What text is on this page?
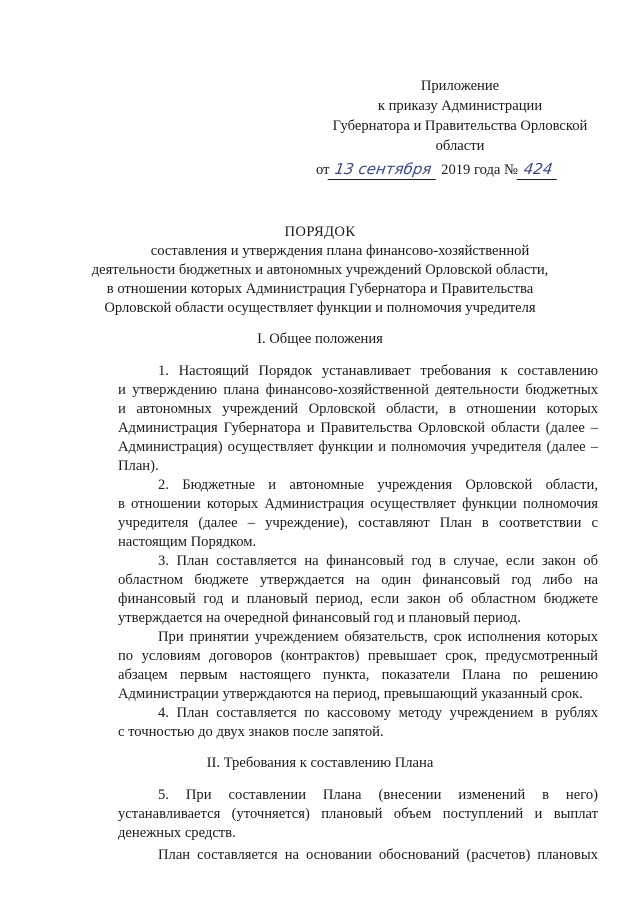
Приложение
к приказу Администрации
Губернатора и Правительства Орловской
области
от 13 сентября 2019 года № 424
ПОРЯДОК
составления и утверждения плана финансово-хозяйственной
деятельности бюджетных и автономных учреждений Орловской области,
в отношении которых Администрация Губернатора и Правительства
Орловской области осуществляет функции и полномочия учредителя
I. Общее положения
1. Настоящий Порядок устанавливает требования к составлению
и утверждению плана финансово-хозяйственной деятельности бюджетных
и автономных учреждений Орловской области, в отношении которых
Администрация Губернатора и Правительства Орловской области (далее –
Администрация) осуществляет функции и полномочия учредителя (далее –
План).
2. Бюджетные и автономные учреждения Орловской области,
в отношении которых Администрация осуществляет функции полномочия
учредителя (далее – учреждение), составляют План в соответствии с
настоящим Порядком.
3. План составляется на финансовый год в случае, если закон об
областном бюджете утверждается на один финансовый год либо на
финансовый год и плановый период, если закон об областном бюджете
утверждается на очередной финансовый год и плановый период.
При принятии учреждением обязательств, срок исполнения которых
по условиям договоров (контрактов) превышает срок, предусмотренный
абзацем первым настоящего пункта, показатели Плана по решению
Администрации утверждаются на период, превышающий указанный срок.
4. План составляется по кассовому методу учреждением в рублях
с точностью до двух знаков после запятой.
II. Требования к составлению Плана
5. При составлении Плана (внесении изменений в него)
устанавливается (уточняется) плановый объем поступлений и выплат
денежных средств.
План составляется на основании обоснований (расчетов) плановых
